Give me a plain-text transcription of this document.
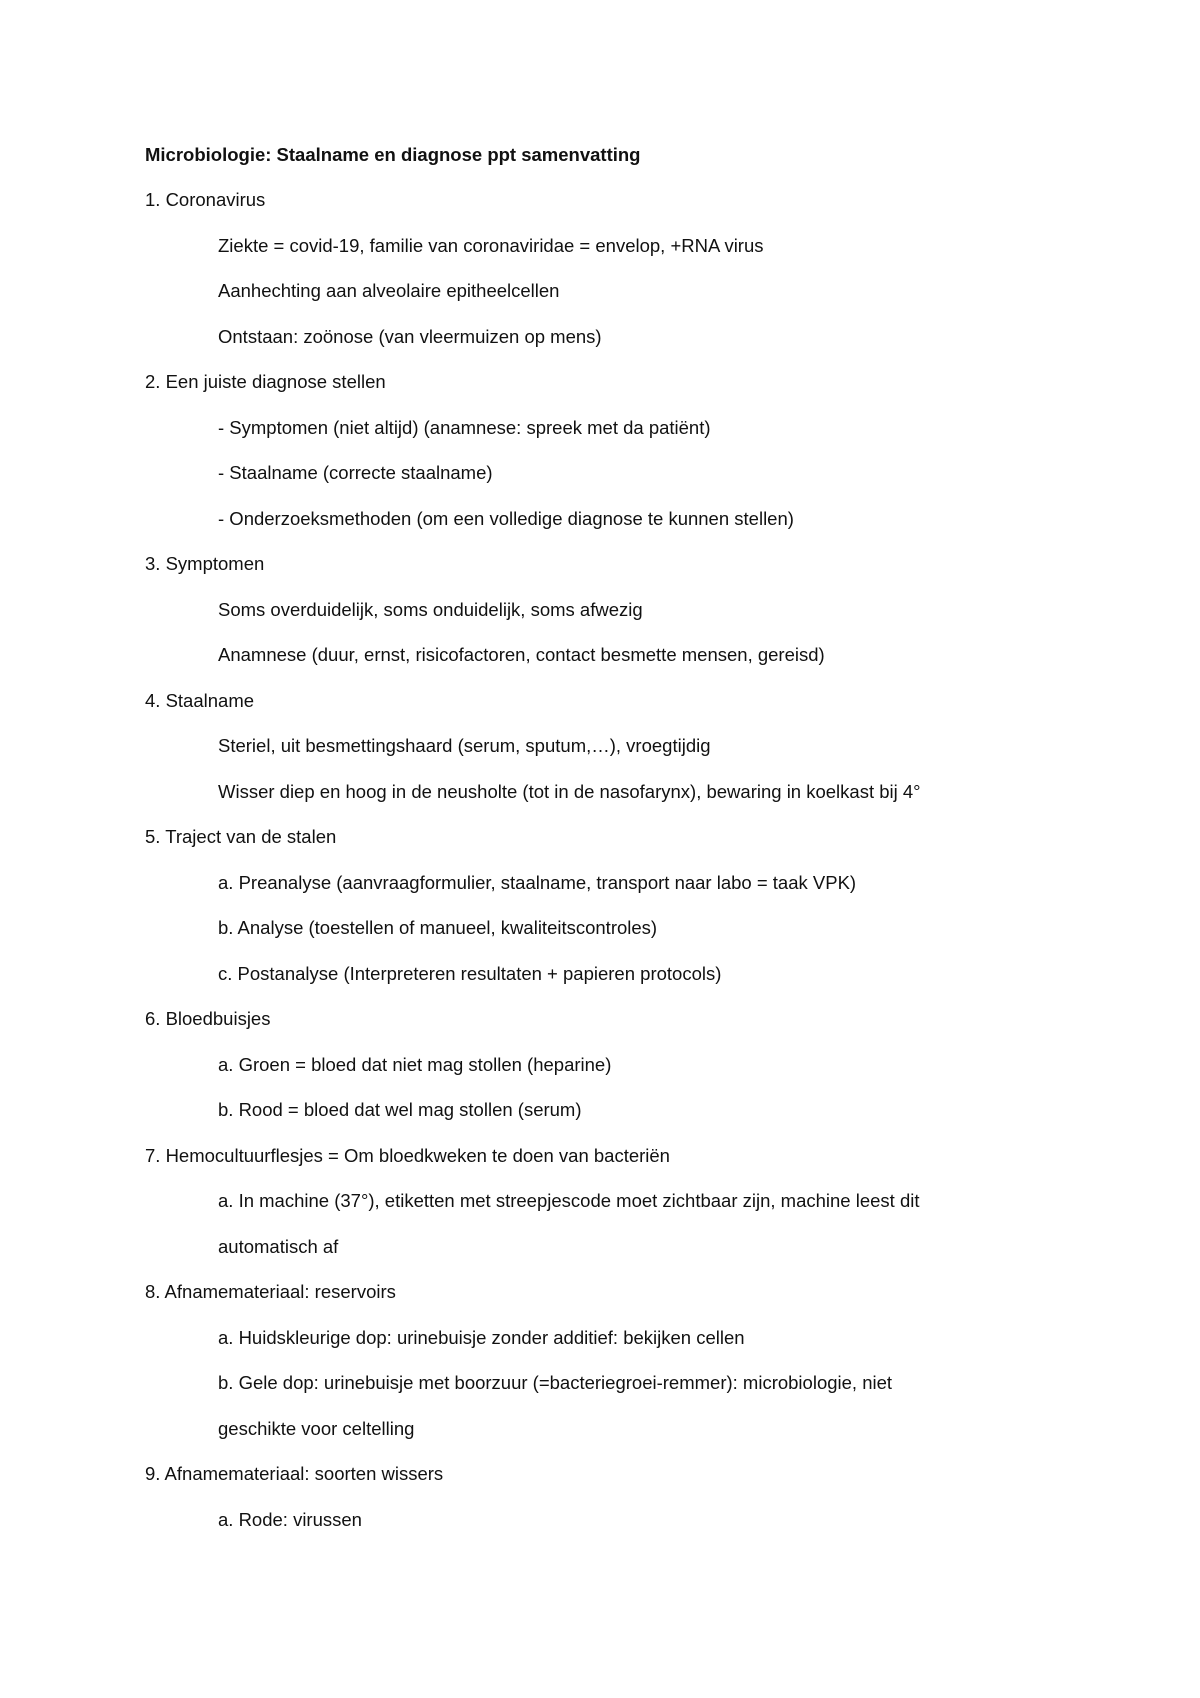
Microbiologie: Staalname en diagnose ppt samenvatting
1. Coronavirus
Ziekte = covid-19, familie van coronaviridae = envelop, +RNA virus
Aanhechting aan alveolaire epitheelcellen
Ontstaan: zoönose (van vleermuizen op mens)
2. Een juiste diagnose stellen
- Symptomen (niet altijd) (anamnese: spreek met da patiënt)
- Staalname (correcte staalname)
- Onderzoeksmethoden (om een volledige diagnose te kunnen stellen)
3. Symptomen
Soms overduidelijk, soms onduidelijk, soms afwezig
Anamnese (duur, ernst, risicofactoren, contact besmette mensen, gereisd)
4. Staalname
Steriel, uit besmettingshaard (serum, sputum,…), vroegtijdig
Wisser diep en hoog in de neusholte (tot in de nasofarynx), bewaring in koelkast bij 4°
5. Traject van de stalen
a. Preanalyse (aanvraagformulier, staalname, transport naar labo = taak VPK)
b. Analyse (toestellen of manueel, kwaliteitscontroles)
c. Postanalyse (Interpreteren resultaten + papieren protocols)
6. Bloedbuisjes
a. Groen = bloed dat niet mag stollen (heparine)
b. Rood = bloed dat wel mag stollen (serum)
7. Hemocultuurflesjes = Om bloedkweken te doen van bacteriën
a. In machine (37°), etiketten met streepjescode moet zichtbaar zijn, machine leest dit
automatisch af
8. Afnamemateriaal: reservoirs
a. Huidskleurige dop: urinebuisje zonder additief: bekijken cellen
b. Gele dop: urinebuisje met boorzuur (=bacteriegroei-remmer): microbiologie, niet
geschikte voor celtelling
9. Afnamemateriaal: soorten wissers
a. Rode: virussen
